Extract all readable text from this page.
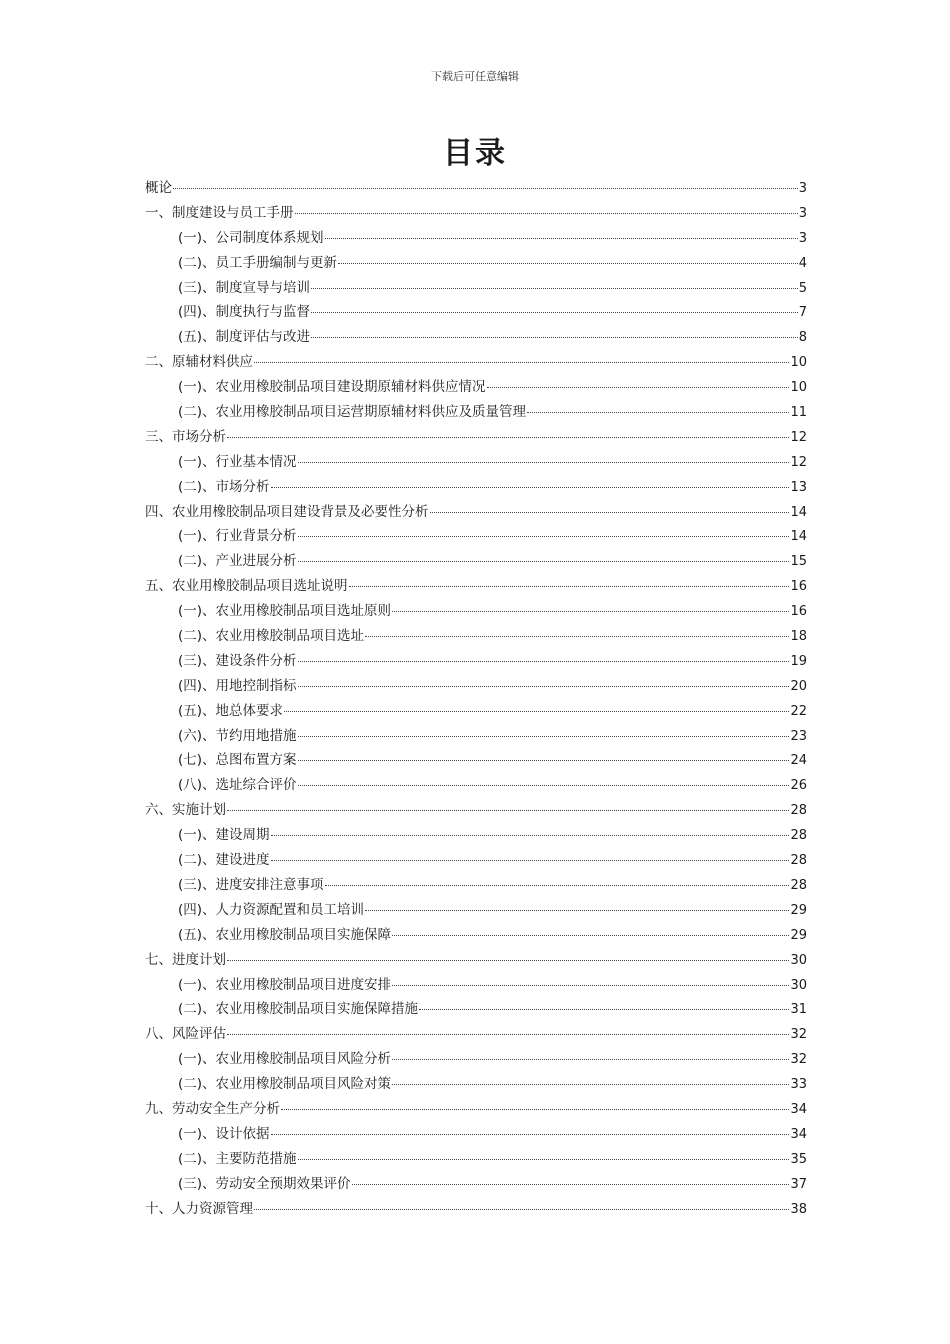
下载后可任意编辑
目录
概论	3
一、制度建设与员工手册	3
(一)、公司制度体系规划	3
(二)、员工手册编制与更新	4
(三)、制度宣导与培训	5
(四)、制度执行与监督	7
(五)、制度评估与改进	8
二、原辅材料供应	10
(一)、农业用橡胶制品项目建设期原辅材料供应情况	10
(二)、农业用橡胶制品项目运营期原辅材料供应及质量管理	11
三、市场分析	12
(一)、行业基本情况	12
(二)、市场分析	13
四、农业用橡胶制品项目建设背景及必要性分析	14
(一)、行业背景分析	14
(二)、产业进展分析	15
五、农业用橡胶制品项目选址说明	16
(一)、农业用橡胶制品项目选址原则	16
(二)、农业用橡胶制品项目选址	18
(三)、建设条件分析	19
(四)、用地控制指标	20
(五)、地总体要求	22
(六)、节约用地措施	23
(七)、总图布置方案	24
(八)、选址综合评价	26
六、实施计划	28
(一)、建设周期	28
(二)、建设进度	28
(三)、进度安排注意事项	28
(四)、人力资源配置和员工培训	29
(五)、农业用橡胶制品项目实施保障	29
七、进度计划	30
(一)、农业用橡胶制品项目进度安排	30
(二)、农业用橡胶制品项目实施保障措施	31
八、风险评估	32
(一)、农业用橡胶制品项目风险分析	32
(二)、农业用橡胶制品项目风险对策	33
九、劳动安全生产分析	34
(一)、设计依据	34
(二)、主要防范措施	35
(三)、劳动安全预期效果评价	37
十、人力资源管理	38
